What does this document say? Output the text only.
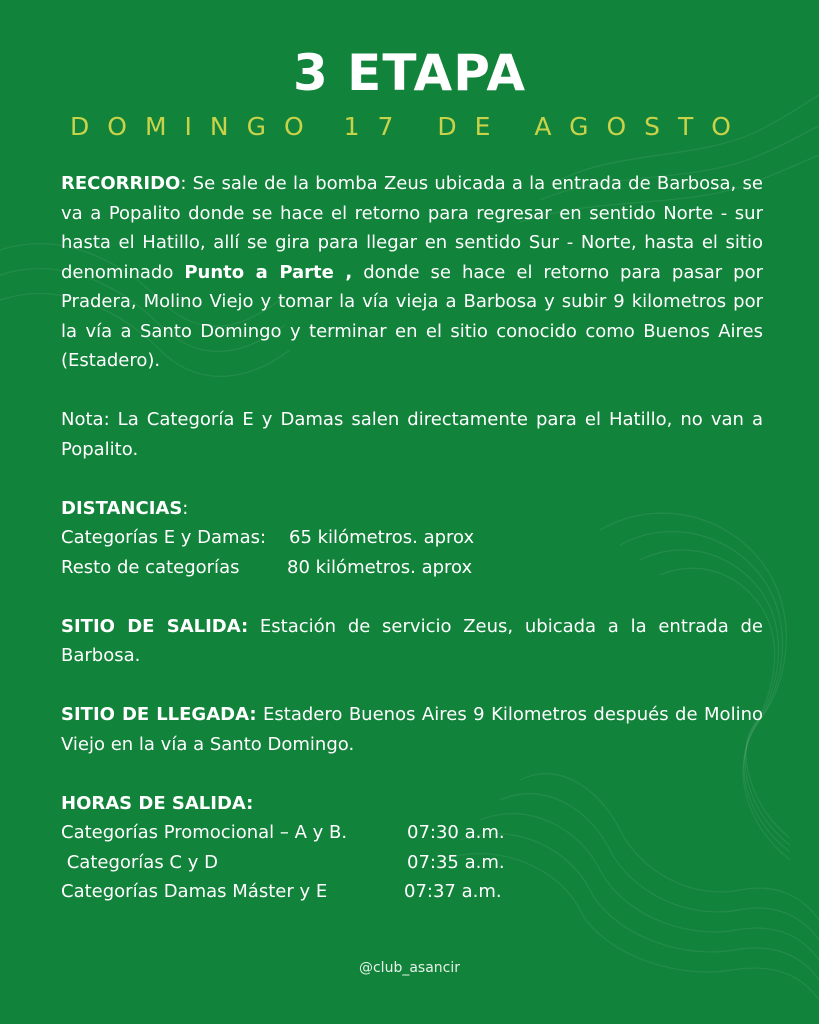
3 ETAPA
DOMINGO 17 DE AGOSTO

RECORRIDO: Se sale de la bomba Zeus ubicada a la entrada de Barbosa, se va a Popalito donde se hace el retorno para regresar en sentido Norte - sur hasta el Hatillo, allí se gira para llegar en sentido Sur - Norte, hasta el sitio denominado Punto a Parte , donde se hace el retorno para pasar por Pradera, Molino Viejo y tomar la vía vieja a Barbosa y subir 9 kilometros por la vía a Santo Domingo y terminar en el sitio conocido como Buenos Aires (Estadero).

Nota: La Categoría E y Damas salen directamente para el Hatillo, no van a Popalito.

DISTANCIAS:

Categorías E y Damas:	65 kilómetros. aprox
Resto de categorías	80 kilómetros. aprox

SITIO DE SALIDA: Estación de servicio Zeus, ubicada a la entrada de Barbosa.

SITIO DE LLEGADA: Estadero Buenos Aires 9 Kilometros después de Molino Viejo en la vía a Santo Domingo.

HORAS DE SALIDA:

Categorías Promocional – A y B.	07:30 a.m.
Categorías C y D	07:35 a.m.
Categorías Damas Máster y E	07:37 a.m.
@club_asancir
